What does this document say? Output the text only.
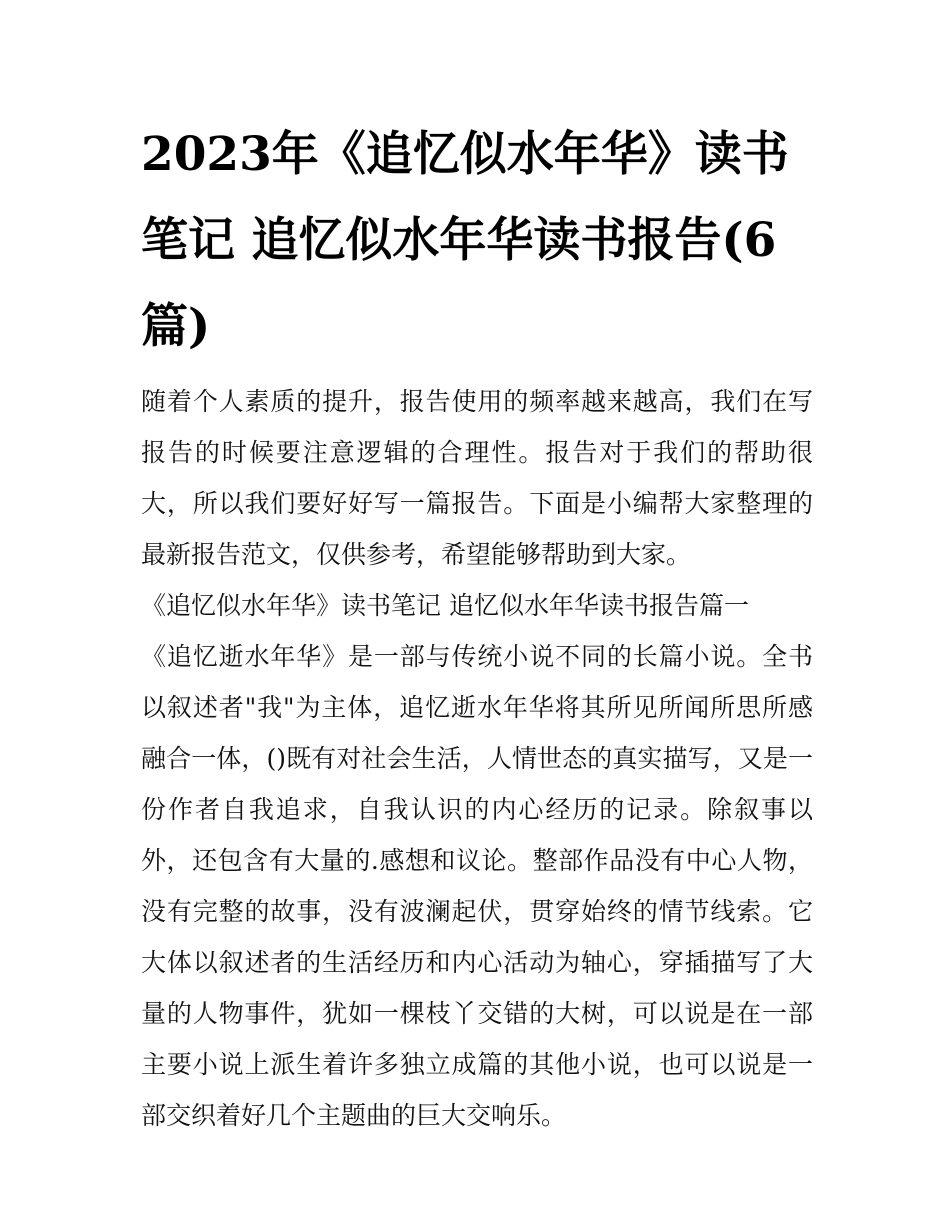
2023年《追忆似水年华》读书笔记 追忆似水年华读书报告(6篇)

随着个人素质的提升，报告使用的频率越来越高，我们在写报告的时候要注意逻辑的合理性。报告对于我们的帮助很大，所以我们要好好写一篇报告。下面是小编帮大家整理的最新报告范文，仅供参考，希望能够帮助到大家。

《追忆似水年华》读书笔记 追忆似水年华读书报告篇一

《追忆逝水年华》是一部与传统小说不同的长篇小说。全书以叙述者"我"为主体，追忆逝水年华将其所见所闻所思所感融合一体，()既有对社会生活，人情世态的真实描写，又是一份作者自我追求，自我认识的内心经历的记录。除叙事以外，还包含有大量的.感想和议论。整部作品没有中心人物，没有完整的故事，没有波澜起伏，贯穿始终的情节线索。它大体以叙述者的生活经历和内心活动为轴心，穿插描写了大量的人物事件，犹如一棵枝丫交错的大树，可以说是在一部主要小说上派生着许多独立成篇的其他小说，也可以说是一部交织着好几个主题曲的巨大交响乐。
